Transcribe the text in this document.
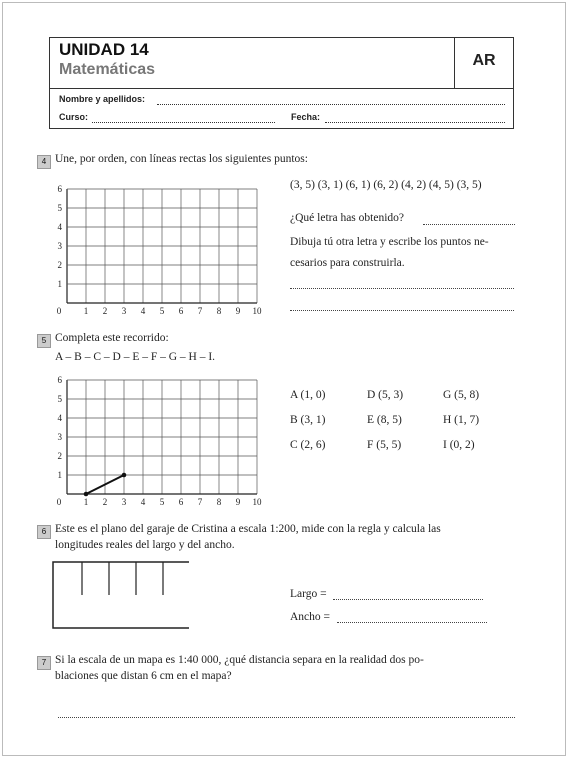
UNIDAD 14
Matemáticas
AR
Nombre y apellidos:
Curso:	Fecha:
4 Une, por orden, con líneas rectas los siguientes puntos:
0	1 2 3 4 5 6 7 8 9 10
1
2
3
4
5
6	(3, 5) (3, 1) (6, 1) (6, 2) (4, 2) (4, 5) (3, 5)
¿Qué letra has obtenido?
Dibuja tú otra letra y escribe los puntos ne-
cesarios para construirla.
5 Completa este recorrido:
A – B – C – D – E – F – G – H – I.
0	1 2 3 4 5 6 7 8 9 10
1
2
3
4
5
6
A (1, 0)	D (5, 3)	G (5, 8)
B (3, 1)	E (8, 5)	H (1, 7)
C (2, 6)	F (5, 5)	I (0, 2)
6 Este es el plano del garaje de Cristina a escala 1:200, mide con la regla y calcula las
longitudes reales del largo y del ancho.
Largo =
Ancho =
7 Si la escala de un mapa es 1:40 000, ¿qué distancia separa en la realidad dos po-
blaciones que distan 6 cm en el mapa?
